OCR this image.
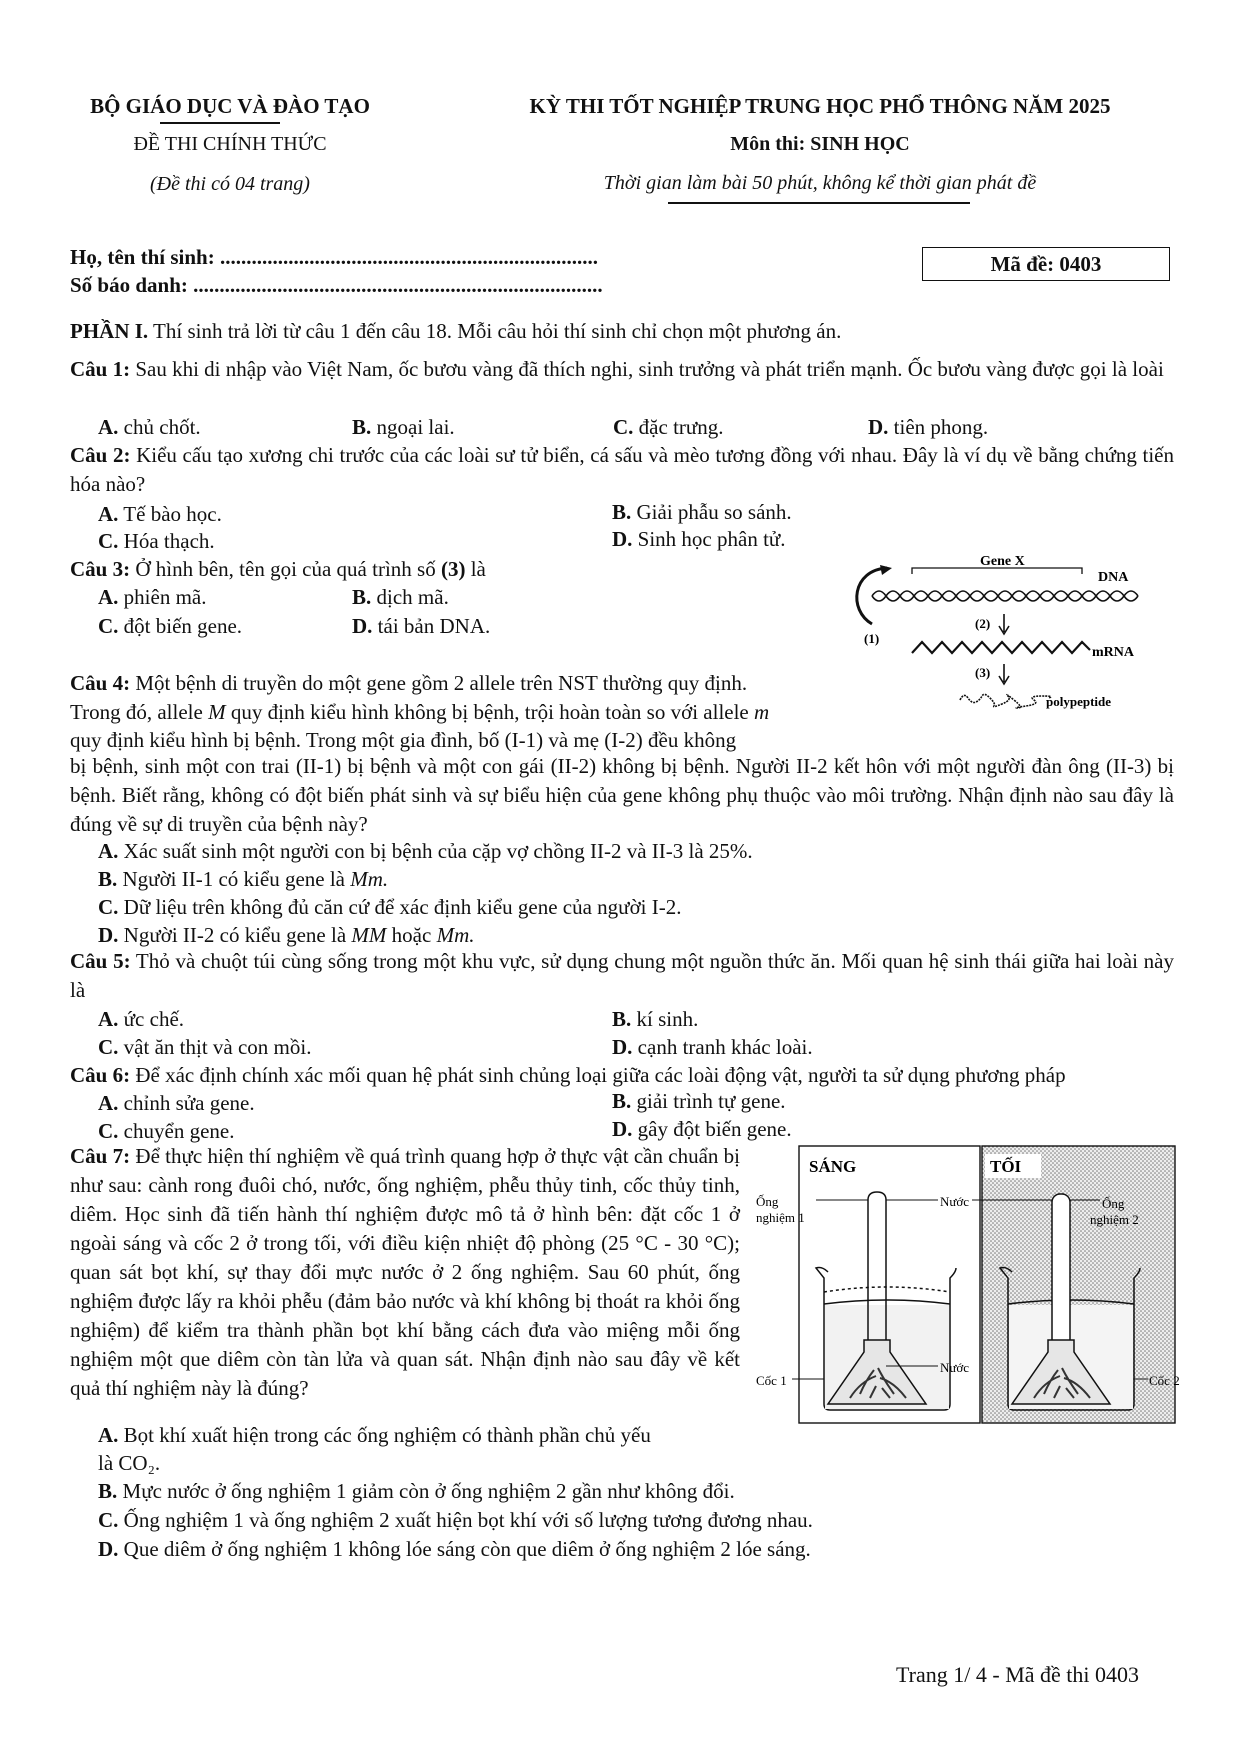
BỘ GIÁO DỤC VÀ ĐÀO TẠO
ĐỀ THI CHÍNH THỨC
(Đề thi có 04 trang)
KỲ THI TỐT NGHIỆP TRUNG HỌC PHỔ THÔNG NĂM 2025
Môn thi: SINH HỌC
Thời gian làm bài 50 phút, không kể thời gian phát đề
Họ, tên thí sinh: ........................................................................
Số báo danh: ..............................................................................
Mã đề: 0403
PHẦN I. Thí sinh trả lời từ câu 1 đến câu 18. Mỗi câu hỏi thí sinh chỉ chọn một phương án.
Câu 1: Sau khi di nhập vào Việt Nam, ốc bươu vàng đã thích nghi, sinh trưởng và phát triển mạnh. Ốc bươu vàng được gọi là loài
A. chủ chốt.	B. ngoại lai.	C. đặc trưng.	D. tiên phong.
Câu 2: Kiểu cấu tạo xương chi trước của các loài sư tử biển, cá sấu và mèo tương đồng với nhau. Đây là ví dụ về bằng chứng tiến hóa nào?
A. Tế bào học.	B. Giải phẫu so sánh.
C. Hóa thạch.	D. Sinh học phân tử.
Câu 3: Ở hình bên, tên gọi của quá trình số (3) là
A. phiên mã.	B. dịch mã.
C. đột biến gene.	D. tái bản DNA.
Gene X
DNA
(1)
(2)
mRNA
(3)
polypeptide
Câu 4: Một bệnh di truyền do một gene gồm 2 allele trên NST thường quy định.
Trong đó, allele M quy định kiểu hình không bị bệnh, trội hoàn toàn so với allele m
quy định kiểu hình bị bệnh. Trong một gia đình, bố (I-1) và mẹ (I-2) đều không
bị bệnh, sinh một con trai (II-1) bị bệnh và một con gái (II-2) không bị bệnh. Người II-2 kết hôn với một người đàn ông (II-3) bị bệnh. Biết rằng, không có đột biến phát sinh và sự biểu hiện của gene không phụ thuộc vào môi trường. Nhận định nào sau đây là đúng về sự di truyền của bệnh này?
A. Xác suất sinh một người con bị bệnh của cặp vợ chồng II-2 và II-3 là 25%.
B. Người II-1 có kiểu gene là Mm.
C. Dữ liệu trên không đủ căn cứ để xác định kiểu gene của người I-2.
D. Người II-2 có kiểu gene là MM hoặc Mm.
Câu 5: Thỏ và chuột túi cùng sống trong một khu vực, sử dụng chung một nguồn thức ăn. Mối quan hệ sinh thái giữa hai loài này là
A. ức chế.	B. kí sinh.
C. vật ăn thịt và con mồi.	D. cạnh tranh khác loài.
Câu 6: Để xác định chính xác mối quan hệ phát sinh chủng loại giữa các loài động vật, người ta sử dụng phương pháp
A. chỉnh sửa gene.	B. giải trình tự gene.
C. chuyển gene.	D. gây đột biến gene.
Câu 7: Để thực hiện thí nghiệm về quá trình quang hợp ở thực vật cần chuẩn bị như sau: cành rong đuôi chó, nước, ống nghiệm, phễu thủy tinh, cốc thủy tinh, diêm. Học sinh đã tiến hành thí nghiệm được mô tả ở hình bên: đặt cốc 1 ở ngoài sáng và cốc 2 ở trong tối, với điều kiện nhiệt độ phòng (25 °C - 30 °C); quan sát bọt khí, sự thay đổi mực nước ở 2 ống nghiệm. Sau 60 phút, ống nghiệm được lấy ra khỏi phễu (đảm bảo nước và khí không bị thoát ra khỏi ống nghiệm) để kiểm tra thành phần bọt khí bằng cách đưa vào miệng mỗi ống nghiệm một que diêm còn tàn lửa và quan sát. Nhận định nào sau đây về kết quả thí nghiệm này là đúng?
A. Bọt khí xuất hiện trong các ống nghiệm có thành phần chủ yếu
là CO₂.
B. Mực nước ở ống nghiệm 1 giảm còn ở ống nghiệm 2 gần như không đổi.
C. Ống nghiệm 1 và ống nghiệm 2 xuất hiện bọt khí với số lượng tương đương nhau.
D. Que diêm ở ống nghiệm 1 không lóe sáng còn que diêm ở ống nghiệm 2 lóe sáng.
SÁNG	TỐI
Ống
nghiệm 1
Nước	Ống
nghiệm 2
Nước
Cốc 1	Cốc 2
Trang 1/ 4 - Mã đề thi 0403
